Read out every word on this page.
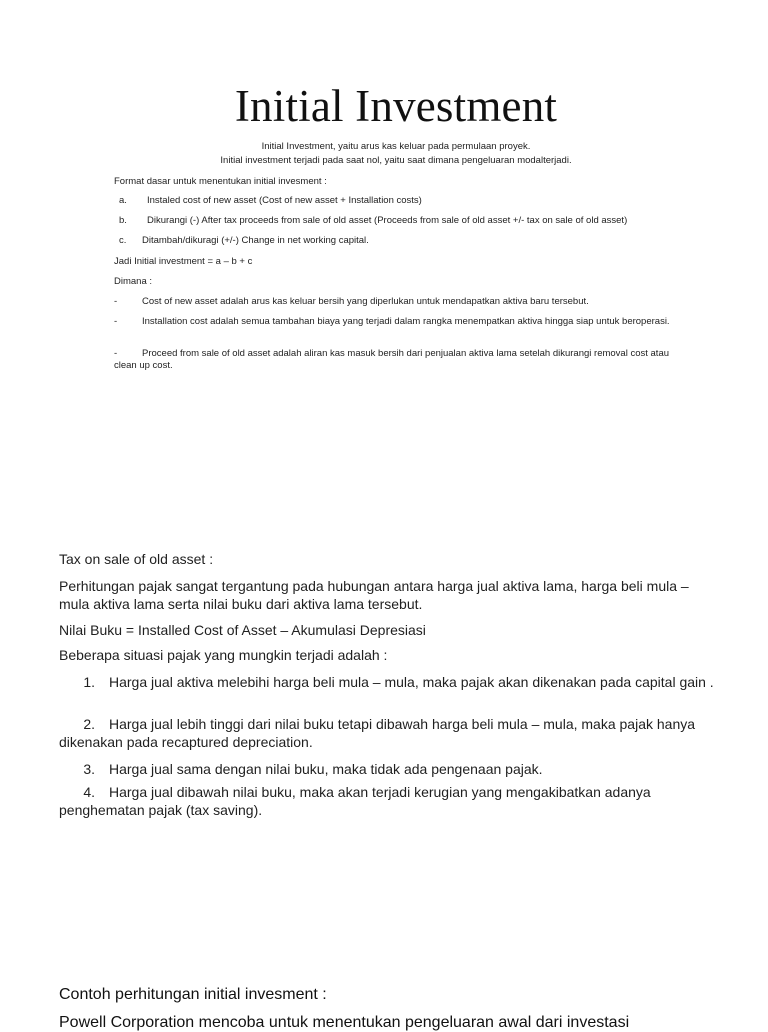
Initial Investment
Initial Investment, yaitu arus kas keluar pada permulaan proyek.
Initial investment terjadi pada saat nol, yaitu saat dimana pengeluaran modalterjadi.
Format dasar untuk menentukan initial invesment :
a. Instaled cost of new asset (Cost of new asset + Installation costs)
b. Dikurangi (-) After tax proceeds from sale of old asset (Proceeds from sale of old asset +/- tax on sale of old asset)
c. Ditambah/dikuragi (+/-) Change in net working capital.
Jadi Initial investment = a – b + c
Dimana :
-	Cost of new asset adalah arus kas keluar bersih yang diperlukan untuk mendapatkan aktiva baru tersebut.
-	Installation cost adalah semua tambahan biaya yang terjadi dalam rangka menempatkan aktiva hingga siap untuk beroperasi.
-	Proceed from sale of old asset adalah aliran kas masuk bersih dari penjualan aktiva lama setelah dikurangi removal cost atau clean up cost.
Tax on sale of old asset :
Perhitungan pajak sangat tergantung pada hubungan antara harga jual aktiva lama, harga beli mula – mula aktiva lama serta nilai buku dari aktiva lama tersebut.
Nilai Buku = Installed Cost of Asset – Akumulasi Depresiasi
Beberapa situasi pajak yang mungkin terjadi adalah :
1. Harga jual aktiva melebihi harga beli mula – mula, maka pajak akan dikenakan pada capital gain .
2. Harga jual lebih tinggi dari nilai buku tetapi dibawah harga beli mula – mula, maka pajak hanya dikenakan pada recaptured depreciation.
3. Harga jual sama dengan nilai buku, maka tidak ada pengenaan pajak.
4. Harga jual dibawah nilai buku, maka akan terjadi kerugian yang mengakibatkan adanya penghematan pajak (tax saving).
Contoh perhitungan initial invesment :
Powell Corporation mencoba untuk menentukan pengeluaran awal dari investasi
